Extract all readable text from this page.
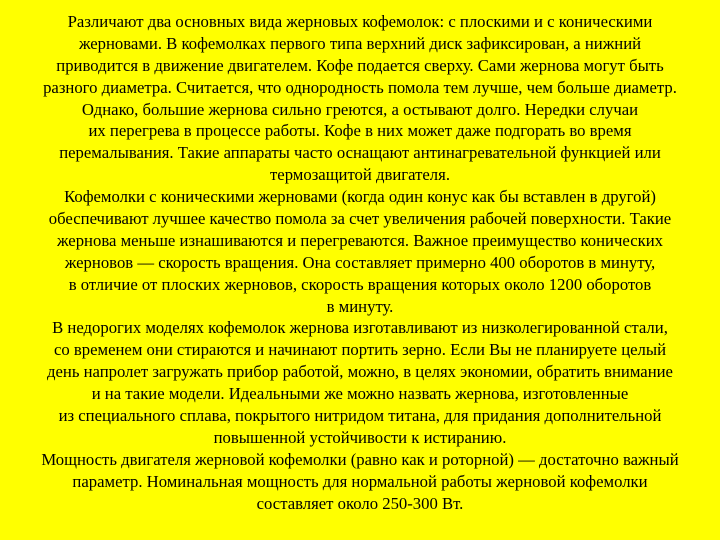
Различают два основных вида жерновых кофемолок: с плоскими и с коническими
жерновами. В кофемолках первого типа верхний диск зафиксирован, а нижний
приводится в движение двигателем. Кофе подается сверху. Сами жернова могут быть
разного диаметра. Считается, что однородность помола тем лучше, чем больше диаметр.
Однако, большие жернова сильно греются, а остывают долго. Нередки случаи
их перегрева в процессе работы. Кофе в них может даже подгорать во время
перемалывания. Такие аппараты часто оснащают антинагревательной функцией или
термозащитой двигателя.
Кофемолки с коническими жерновами (когда один конус как бы вставлен в другой)
обеспечивают лучшее качество помола за счет увеличения рабочей поверхности. Такие
жернова меньше изнашиваются и перегреваются. Важное преимущество конических
жерновов — скорость вращения. Она составляет примерно 400 оборотов в минуту,
в отличие от плоских жерновов, скорость вращения которых около 1200 оборотов
в минуту.
В недорогих моделях кофемолок жернова изготавливают из низколегированной стали,
со временем они стираются и начинают портить зерно. Если Вы не планируете целый
день напролет загружать прибор работой, можно, в целях экономии, обратить внимание
и на такие модели. Идеальными же можно назвать жернова, изготовленные
из специального сплава, покрытого нитридом титана, для придания дополнительной
повышенной устойчивости к истиранию.
Мощность двигателя жерновой кофемолки (равно как и роторной) — достаточно важный
параметр. Номинальная мощность для нормальной работы жерновой кофемолки
составляет около 250-300 Вт.
